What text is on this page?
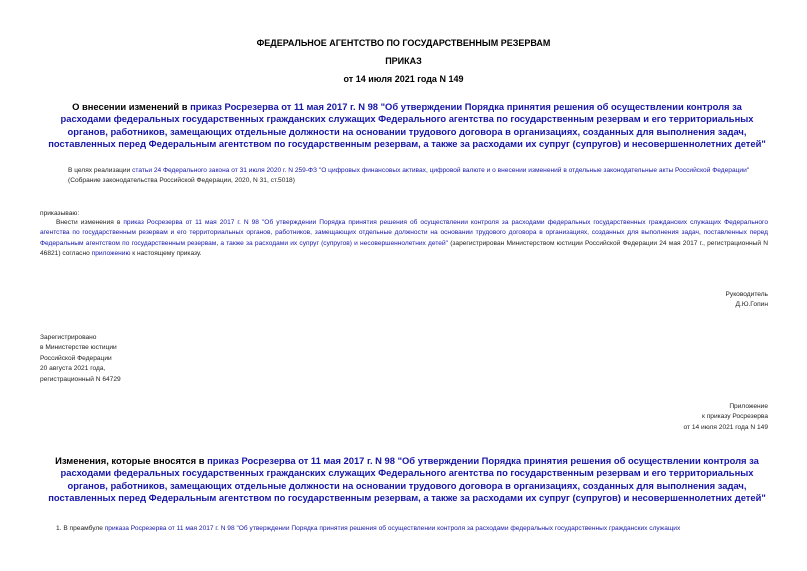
ФЕДЕРАЛЬНОЕ АГЕНТСТВО ПО ГОСУДАРСТВЕННЫМ РЕЗЕРВАМ
ПРИКАЗ
от 14 июля 2021 года N 149
О внесении изменений в приказ Росрезерва от 11 мая 2017 г. N 98 "Об утверждении Порядка принятия решения об осуществлении контроля за расходами федеральных государственных гражданских служащих Федерального агентства по государственным резервам и его территориальных органов, работников, замещающих отдельные должности на основании трудового договора в организациях, созданных для выполнения задач, поставленных перед Федеральным агентством по государственным резервам, а также за расходами их супруг (супругов) и несовершеннолетних детей"
В целях реализации статьи 24 Федерального закона от 31 июля 2020 г. N 259-ФЗ "О цифровых финансовых активах, цифровой валюте и о внесении изменений в отдельные законодательные акты Российской Федерации" (Собрание законодательства Российской Федерации, 2020, N 31, ст.5018)
приказываю:
Внести изменения в приказ Росрезерва от 11 мая 2017 г. N 98 "Об утверждении Порядка принятия решения об осуществлении контроля за расходами федеральных государственных гражданских служащих Федерального агентства по государственным резервам и его территориальных органов, работников, замещающих отдельные должности на основании трудового договора в организациях, созданных для выполнения задач, поставленных перед Федеральным агентством по государственным резервам, а также за расходами их супруг (супругов) и несовершеннолетних детей" (зарегистрирован Министерством юстиции Российской Федерации 24 мая 2017 г., регистрационный N 46821) согласно приложению к настоящему приказу.
Руководитель
Д.Ю.Гопин
Зарегистрировано
в Министерстве юстиции
Российской Федерации
20 августа 2021 года,
регистрационный N 64729
Приложение
к приказу Росрезерва
от 14 июля 2021 года N 149
Изменения, которые вносятся в приказ Росрезерва от 11 мая 2017 г. N 98 "Об утверждении Порядка принятия решения об осуществлении контроля за расходами федеральных государственных гражданских служащих Федерального агентства по государственным резервам и его территориальных органов, работников, замещающих отдельные должности на основании трудового договора в организациях, созданных для выполнения задач, поставленных перед Федеральным агентством по государственным резервам, а также за расходами их супруг (супругов) и несовершеннолетних детей"
1. В преамбуле приказа Росрезерва от 11 мая 2017 г. N 98 "Об утверждении Порядка принятия решения об осуществлении контроля за расходами федеральных государственных гражданских служащих
